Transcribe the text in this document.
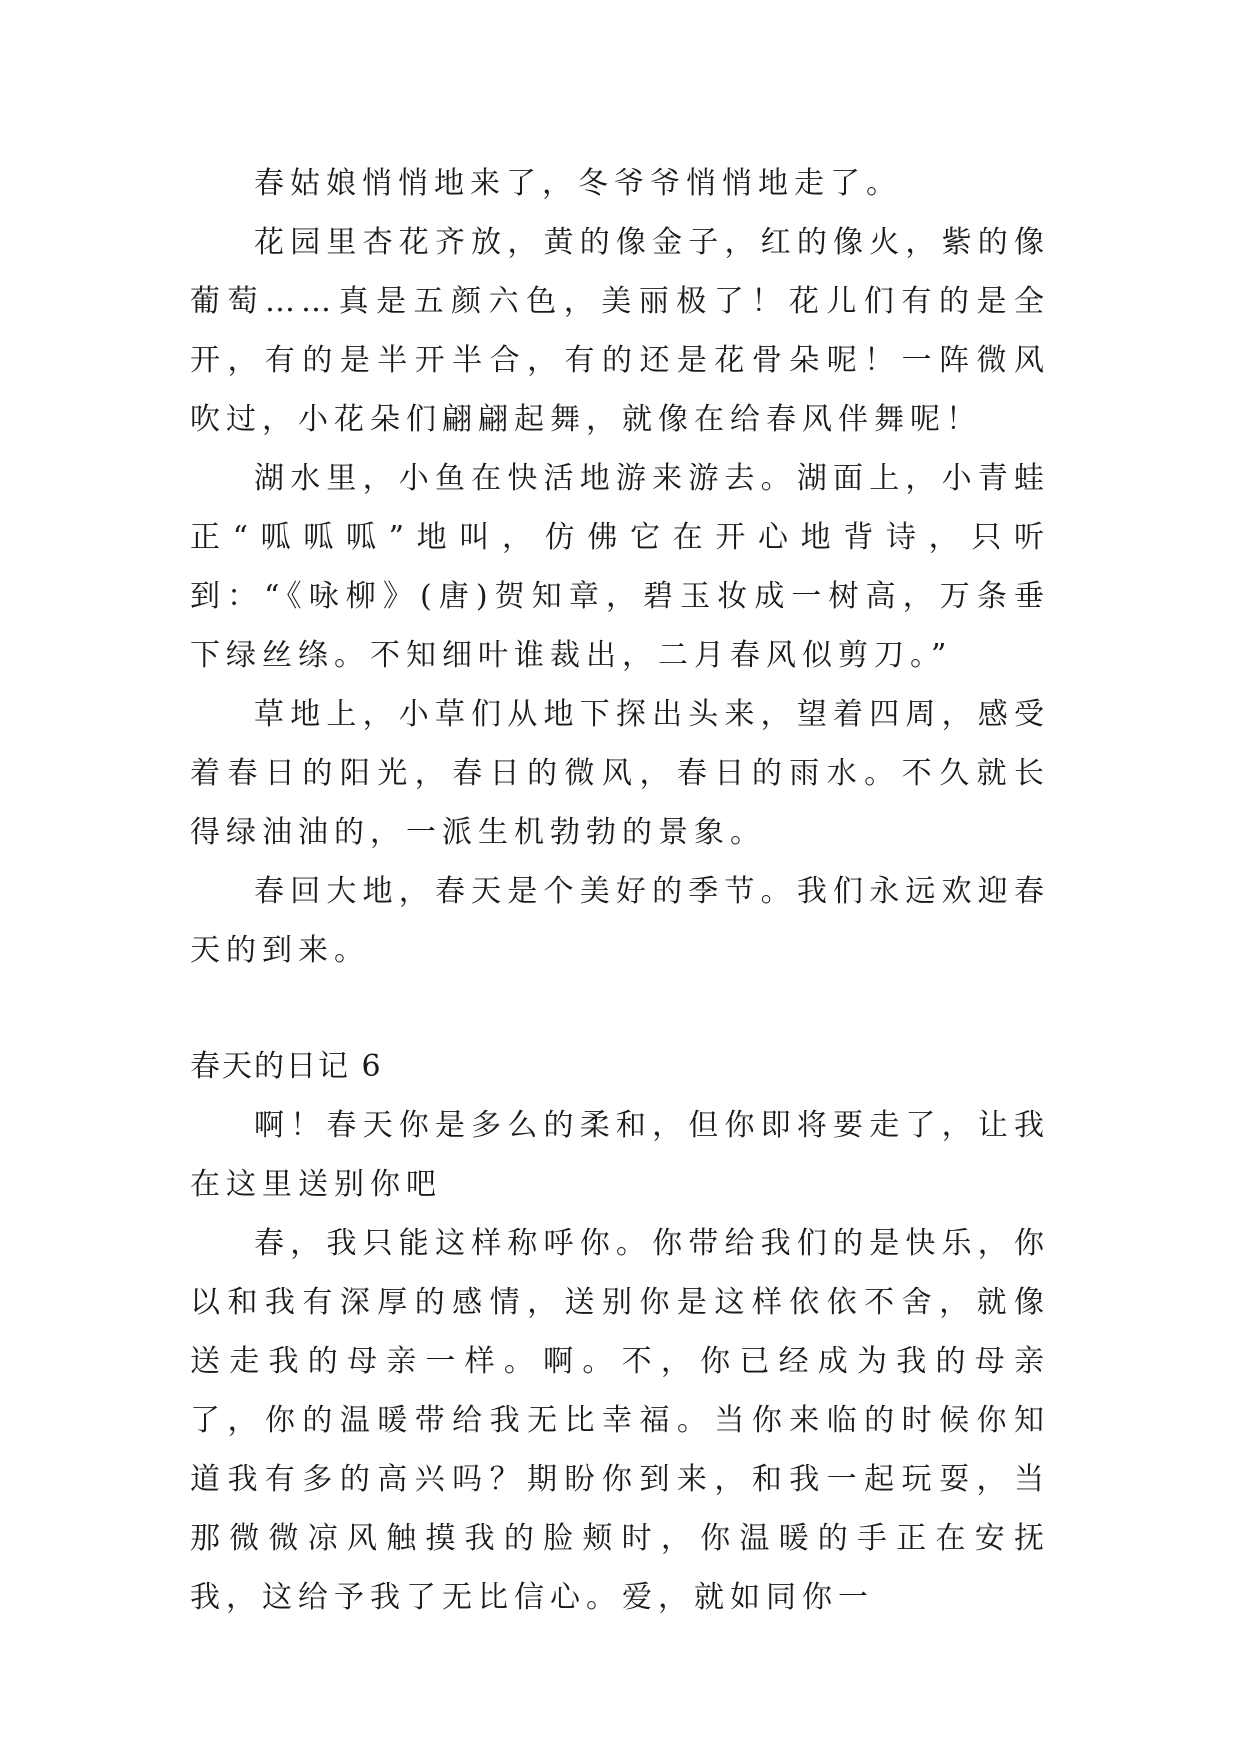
春姑娘悄悄地来了，冬爷爷悄悄地走了。

花园里杏花齐放，黄的像金子，红的像火，紫的像葡萄……真是五颜六色，美丽极了！花儿们有的是全开，有的是半开半合，有的还是花骨朵呢！一阵微风吹过，小花朵们翩翩起舞，就像在给春风伴舞呢！

湖水里，小鱼在快活地游来游去。湖面上，小青蛙正“呱呱呱”地叫，仿佛它在开心地背诗，只听到：“《咏柳》(唐)贺知章，碧玉妆成一树高，万条垂下绿丝绦。不知细叶谁裁出，二月春风似剪刀。”

草地上，小草们从地下探出头来，望着四周，感受着春日的阳光，春日的微风，春日的雨水。不久就长得绿油油的，一派生机勃勃的景象。

春回大地，春天是个美好的季节。我们永远欢迎春天的到来。

春天的日记 6

啊！春天你是多么的柔和，但你即将要走了，让我在这里送别你吧

春，我只能这样称呼你。你带给我们的是快乐，你以和我有深厚的感情，送别你是这样依依不舍，就像送走我的母亲一样。啊。不，你已经成为我的母亲了，你的温暖带给我无比幸福。当你来临的时候你知道我有多的高兴吗？期盼你到来，和我一起玩耍，当那微微凉风触摸我的脸颊时，你温暖的手正在安抚我，这给予我了无比信心。爱，就如同你一
